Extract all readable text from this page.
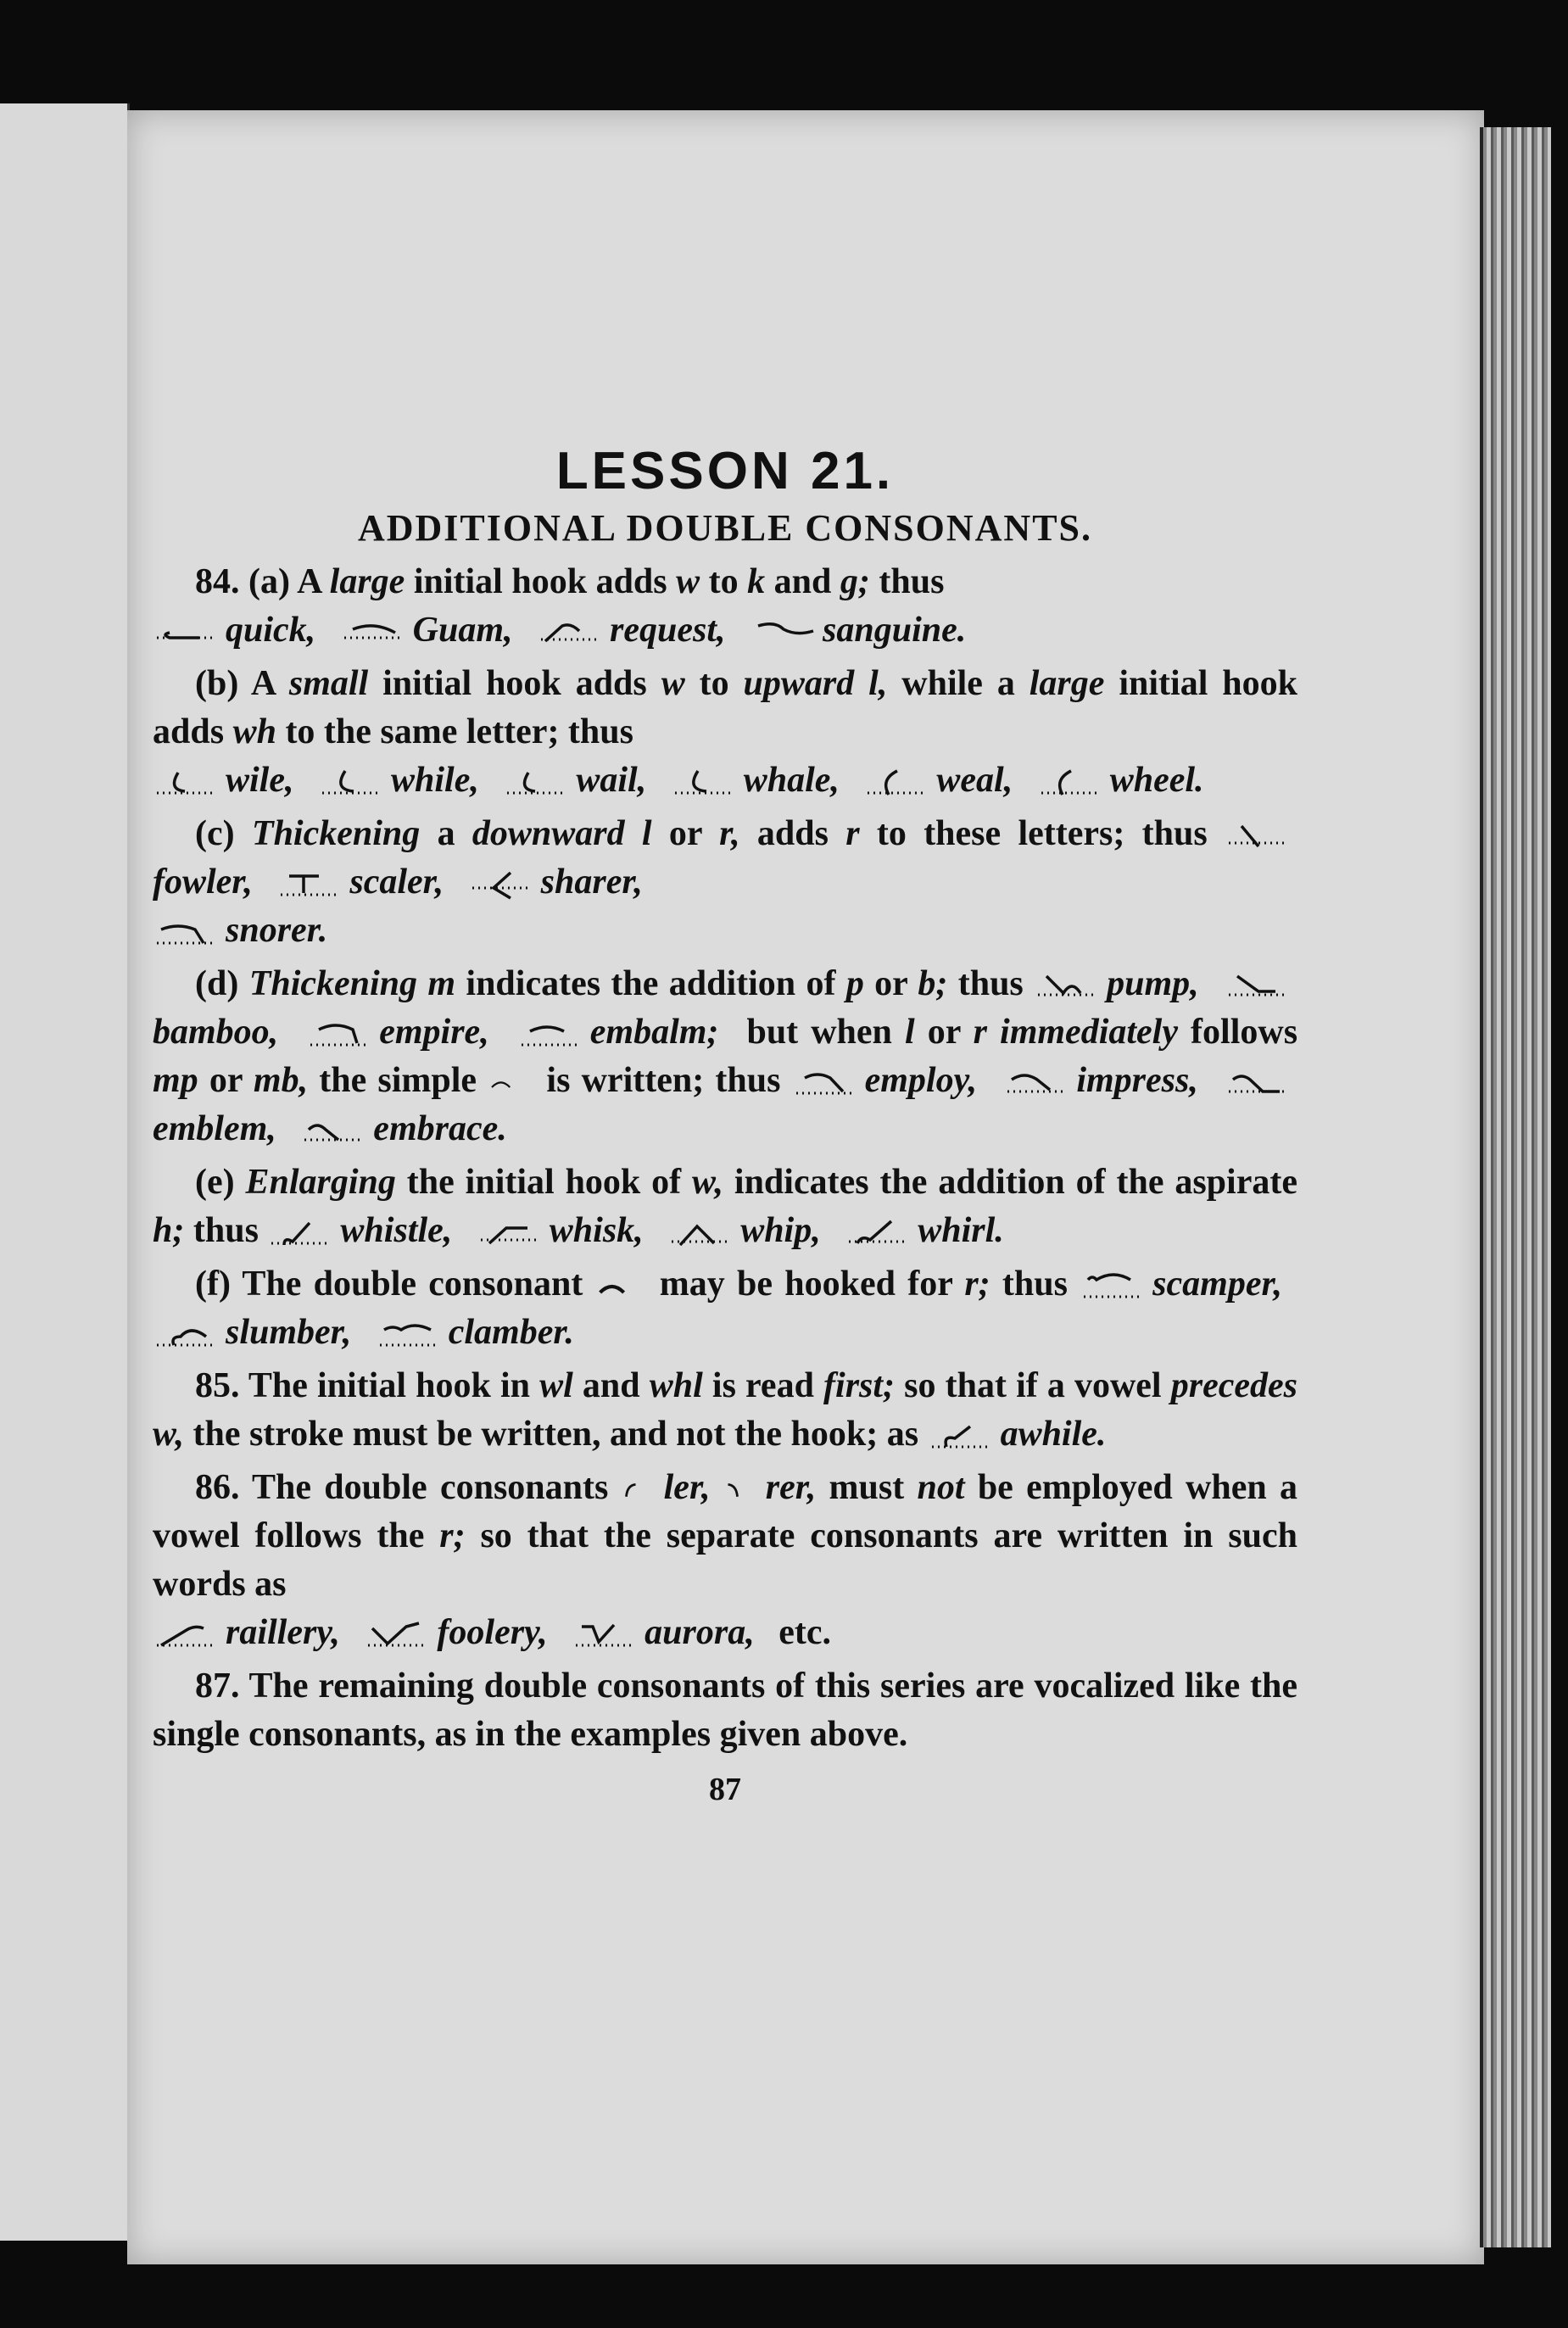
LESSON 21.
ADDITIONAL DOUBLE CONSONANTS.
84. (a) A large initial hook adds w to k and g; thus
quick,	Guam,	request,	sanguine.
(b) A small initial hook adds w to upward l, while a large initial hook adds wh to the same letter; thus
wile,	while,	wail,	whale,	weal,	wheel.
(c) Thickening a downward l or r, adds r to these letters; thus fowler,	scaler,	sharer,
snorer.
(d) Thickening m indicates the addition of p or b; thus pump, bamboo,	empire,	embalm; but when l or r immediately follows mp or mb, the simple  is written; thus employ,	impress, emblem,	embrace.
(e) Enlarging the initial hook of w, indicates the addition of the aspirate h; thus whistle,	whisk,	whip,	whirl.
(f) The double consonant  may be hooked for r; thus scamper, slumber,	clamber.
85. The initial hook in wl and whl is read first; so that if a vowel precedes w, the stroke must be written, and not the hook; as awhile.
86. The double consonants ler, rer, must not be employed when a vowel follows the r; so that the separate consonants are written in such words as
raillery,	foolery,	aurora, etc.
87. The remaining double consonants of this series are vocalized like the single consonants, as in the examples given above.
87
